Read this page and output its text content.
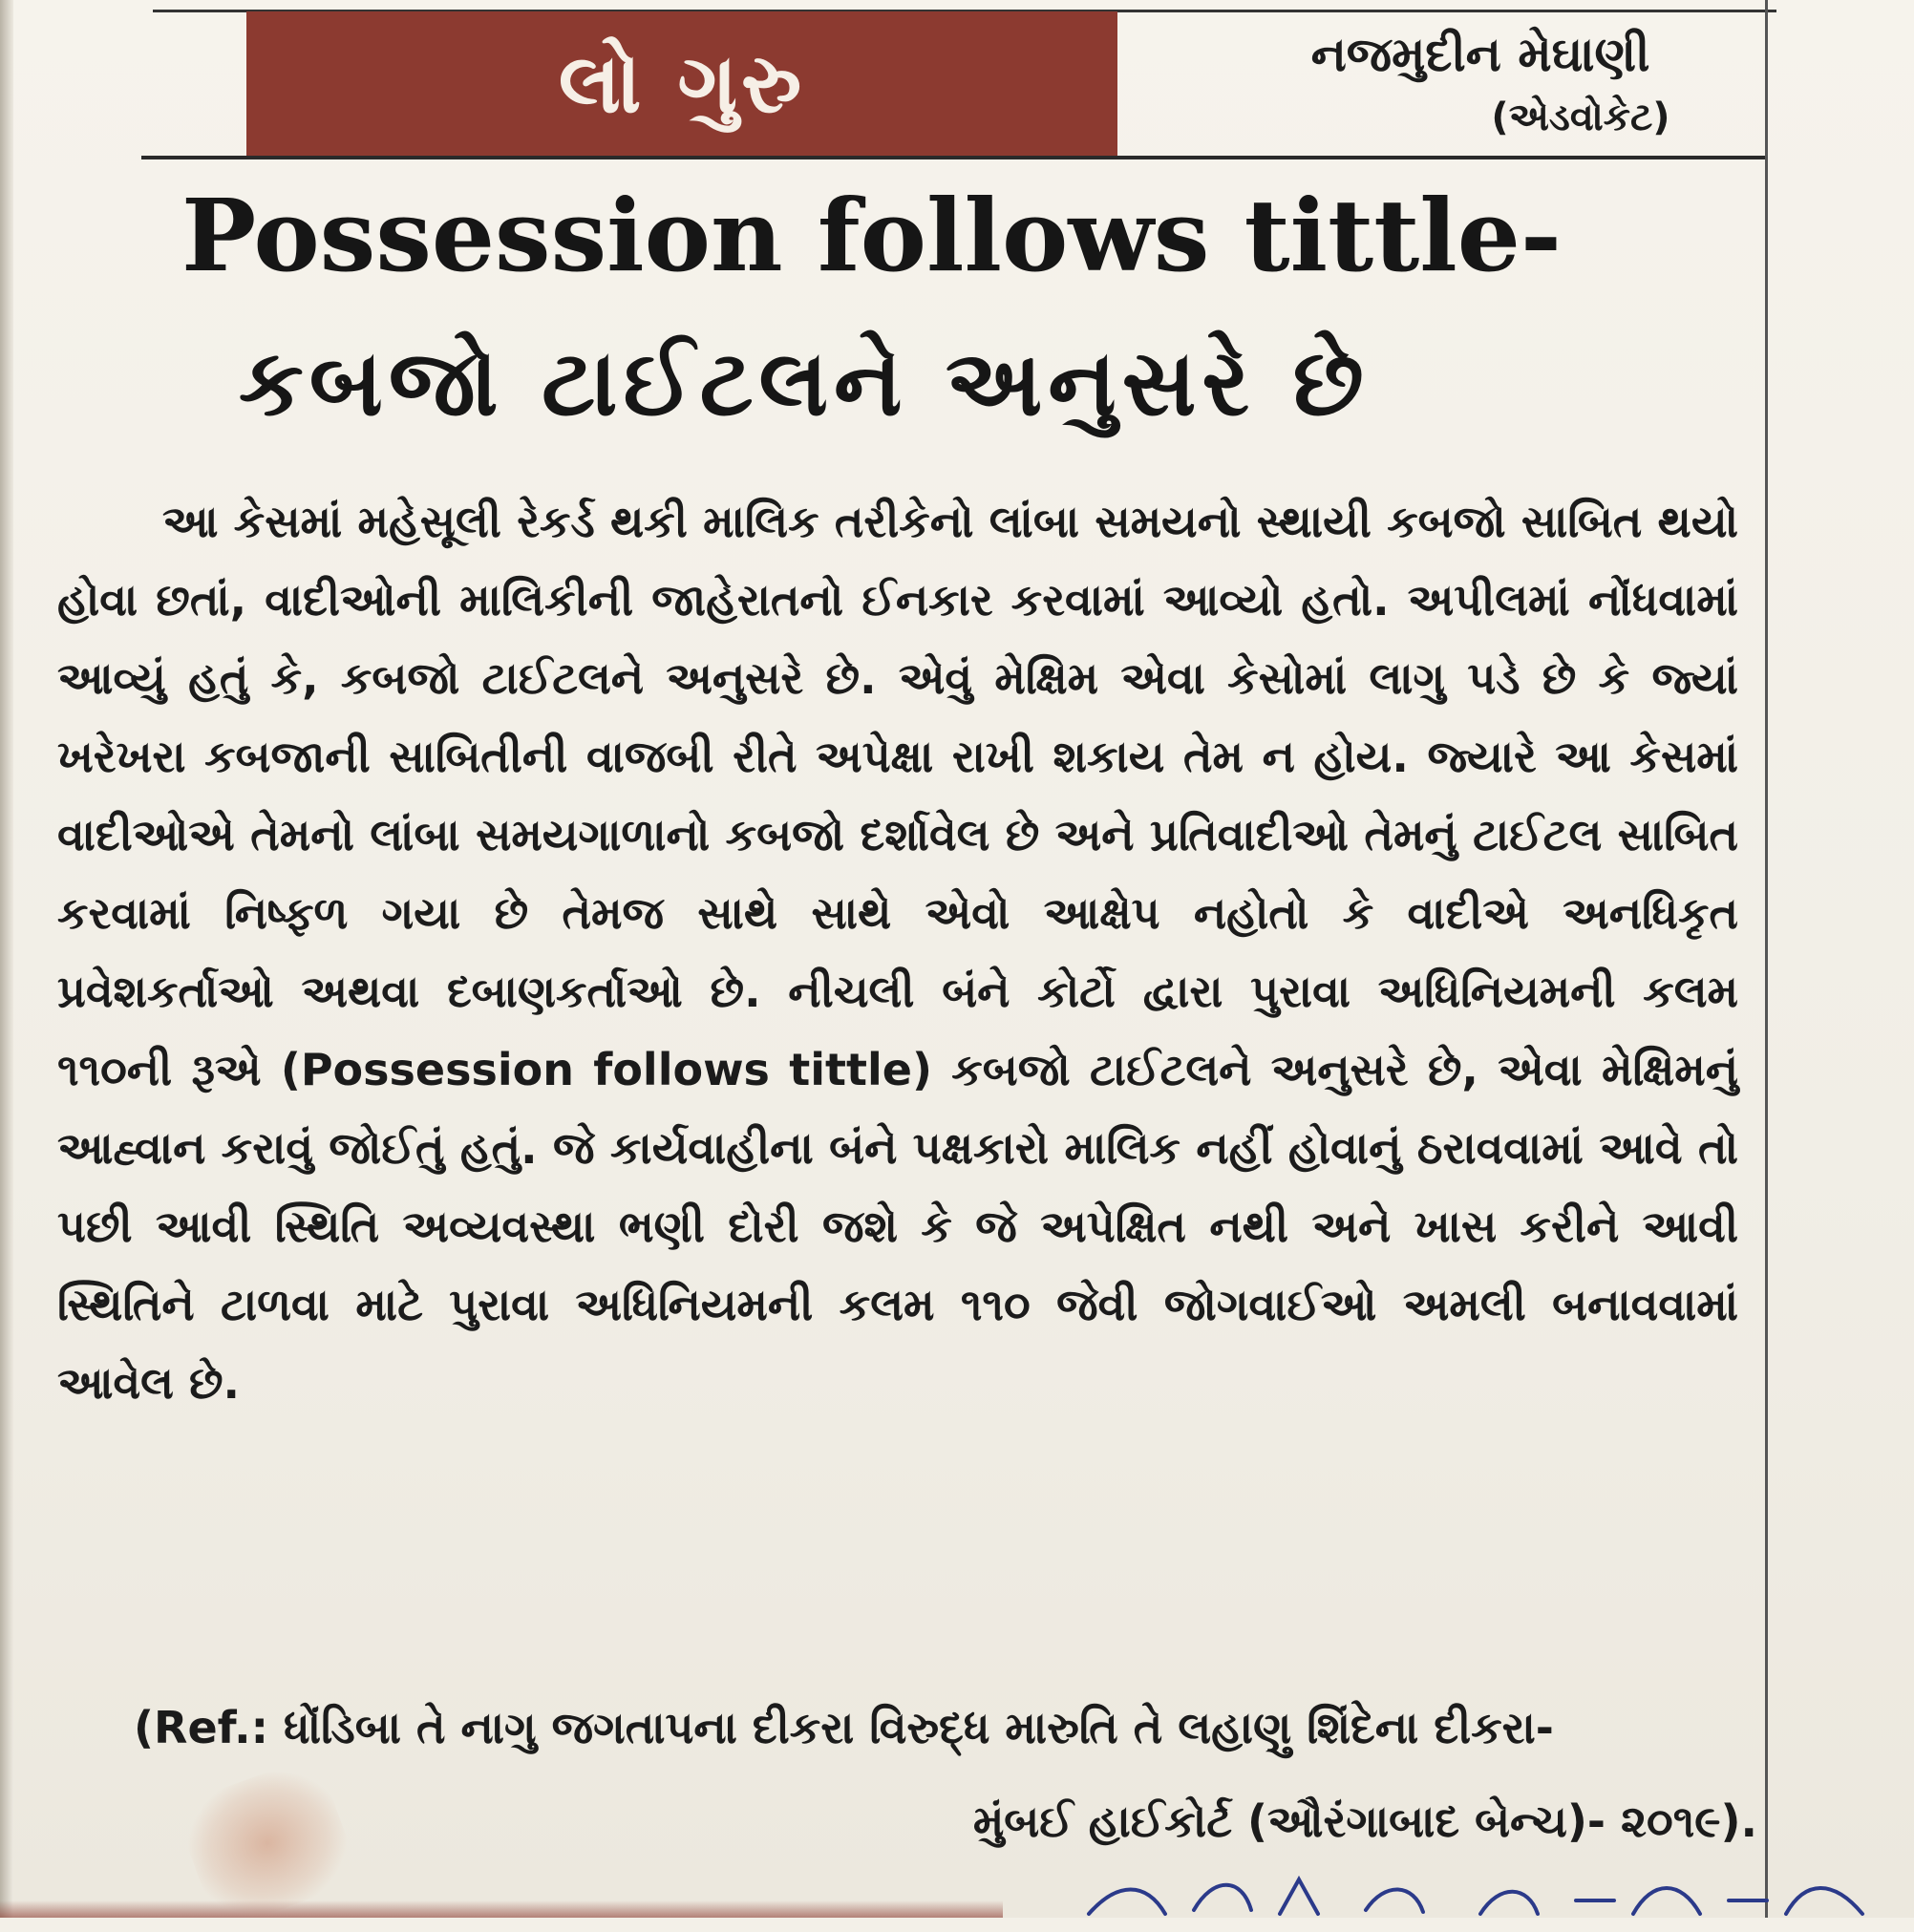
લો ગુરુ	નજમુદીન મેઘાણી
(એડવોકેટ)
Possession follows tittle-
કબજો ટાઈટલને અનુસરે છે
આ કેસમાં મહેસૂલી રેકર્ડ થકી માલિક તરીકેનો લાંબા સમયનો સ્થાયી કબજો સાબિત થયો હોવા છતાં, વાદીઓની માલિકીની જાહેરાતનો ઈનકાર કરવામાં આવ્યો હતો. અપીલમાં નોંધવામાં આવ્યું હતું કે, કબજો ટાઈટલને અનુસરે છે. એવું મેક્ષિમ એવા કેસોમાં લાગુ પડે છે કે જ્યાં ખરેખરા કબજાની સાબિતીની વાજબી રીતે અપેક્ષા રાખી શકાય તેમ ન હોય. જ્યારે આ કેસમાં વાદીઓએ તેમનો લાંબા સમયગાળાનો કબજો દર્શાવેલ છે અને પ્રતિવાદીઓ તેમનું ટાઈટલ સાબિત કરવામાં નિષ્ફળ ગયા છે તેમજ સાથે સાથે એવો આક્ષેપ નહોતો કે વાદીએ અનધિકૃત પ્રવેશકર્તાઓ અથવા દબાણકર્તાઓ છે. નીચલી બંને કોર્ટો દ્વારા પુરાવા અધિનિયમની કલમ ૧૧૦ની રૂએ (Possession follows tittle) કબજો ટાઈટલને અનુસરે છે, એવા મેક્ષિમનું આહ્વાન કરાવું જોઈતું હતું. જે કાર્યવાહીના બંને પક્ષકારો માલિક નહીં હોવાનું ઠરાવવામાં આવે તો પછી આવી સ્થિતિ અવ્યવસ્થા ભણી દોરી જશે કે જે અપેક્ષિત નથી અને ખાસ કરીને આવી સ્થિતિને ટાળવા માટે પુરાવા અધિનિયમની કલમ ૧૧૦ જેવી જોગવાઈઓ અમલી બનાવવામાં આવેલ છે.
(Ref.: ધોંડિબા તે નાગુ જગતાપના દીકરા વિરુદ્ધ મારુતિ તે લહાણુ શિંદેના દીકરા-
મુંબઈ હાઈકોર્ટ (ઔરંગાબાદ બેન્ચ)- ૨૦૧૯).
